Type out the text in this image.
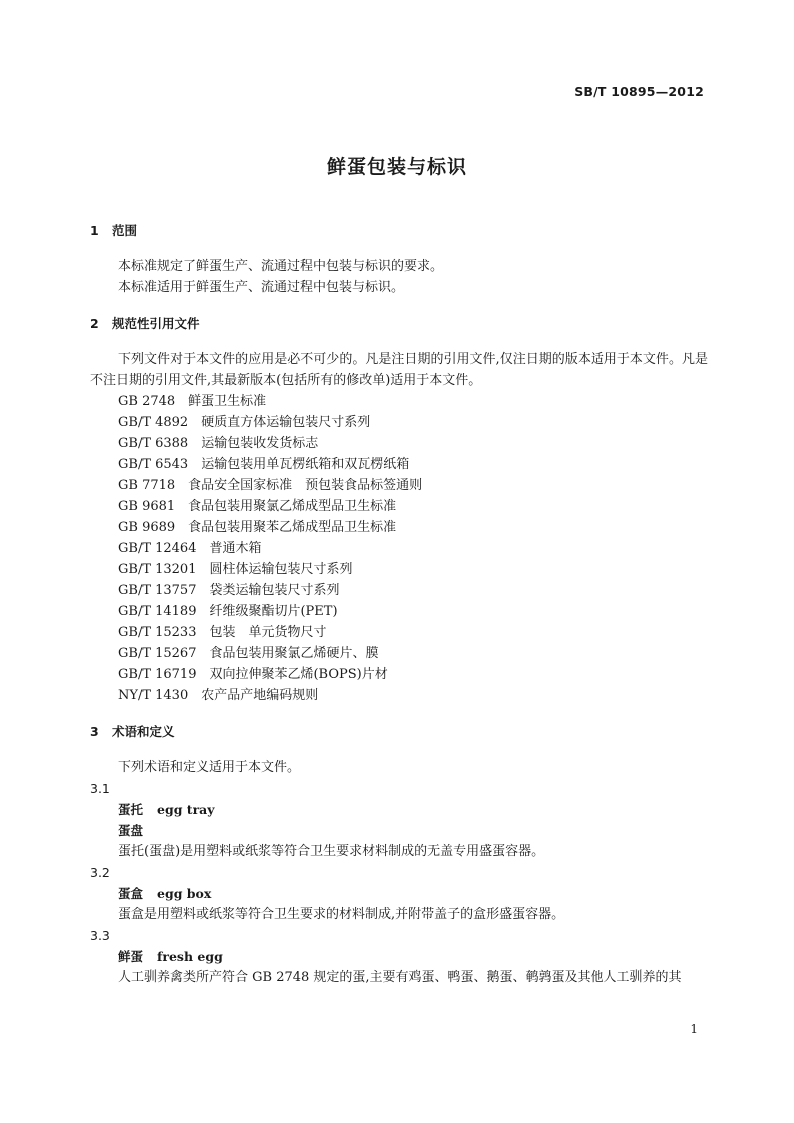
SB/T 10895—2012
鲜蛋包装与标识
1 范围
本标准规定了鲜蛋生产、流通过程中包装与标识的要求。
本标准适用于鲜蛋生产、流通过程中包装与标识。
2 规范性引用文件
下列文件对于本文件的应用是必不可少的。凡是注日期的引用文件,仅注日期的版本适用于本文件。凡是不注日期的引用文件,其最新版本(包括所有的修改单)适用于本文件。
GB 2748　鲜蛋卫生标准
GB/T 4892　硬质直方体运输包装尺寸系列
GB/T 6388　运输包装收发货标志
GB/T 6543　运输包装用单瓦楞纸箱和双瓦楞纸箱
GB 7718　食品安全国家标准　预包装食品标签通则
GB 9681　食品包装用聚氯乙烯成型品卫生标准
GB 9689　食品包装用聚苯乙烯成型品卫生标准
GB/T 12464　普通木箱
GB/T 13201　圆柱体运输包装尺寸系列
GB/T 13757　袋类运输包装尺寸系列
GB/T 14189　纤维级聚酯切片(PET)
GB/T 15233　包装　单元货物尺寸
GB/T 15267　食品包装用聚氯乙烯硬片、膜
GB/T 16719　双向拉伸聚苯乙烯(BOPS)片材
NY/T 1430　农产品产地编码规则
3 术语和定义
下列术语和定义适用于本文件。
3.1
蛋托 egg tray
蛋盘
蛋托(蛋盘)是用塑料或纸浆等符合卫生要求材料制成的无盖专用盛蛋容器。
3.2
蛋盒 egg box
蛋盒是用塑料或纸浆等符合卫生要求的材料制成,并附带盖子的盒形盛蛋容器。
3.3
鲜蛋 fresh egg
人工驯养禽类所产符合 GB 2748 规定的蛋,主要有鸡蛋、鸭蛋、鹅蛋、鹌鹑蛋及其他人工驯养的其
1
